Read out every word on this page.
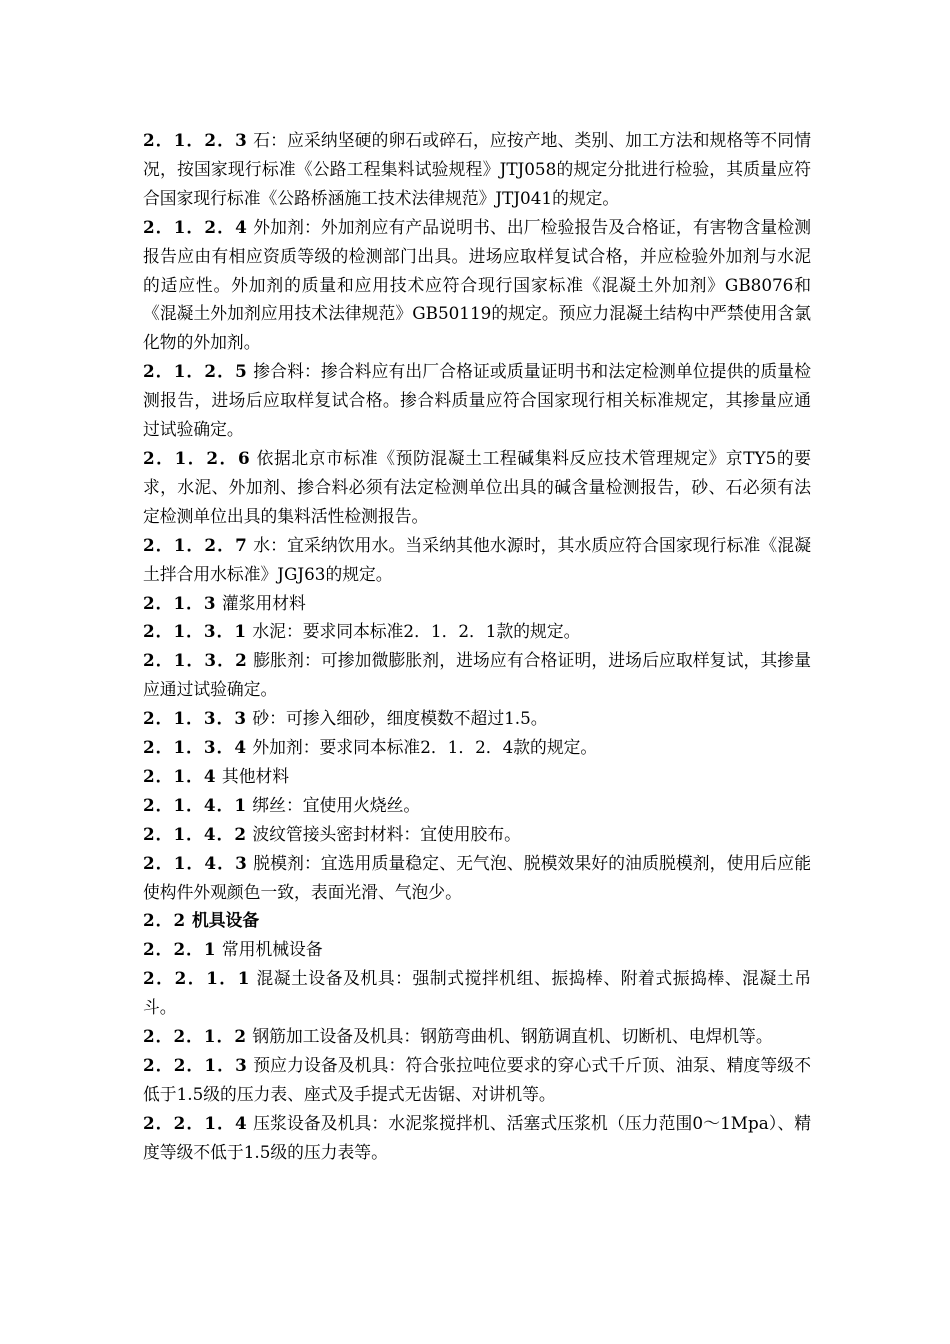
2．1．2．3 石：应采纳坚硬的卵石或碎石，应按产地、类别、加工方法和规格等不同情况，按国家现行标准《公路工程集料试验规程》JTJ058的规定分批进行检验，其质量应符合国家现行标准《公路桥涵施工技术法律规范》JTJ041的规定。

2．1．2．4 外加剂：外加剂应有产品说明书、出厂检验报告及合格证，有害物含量检测报告应由有相应资质等级的检测部门出具。进场应取样复试合格，并应检验外加剂与水泥的适应性。外加剂的质量和应用技术应符合现行国家标准《混凝土外加剂》GB8076和《混凝土外加剂应用技术法律规范》GB50119的规定。预应力混凝土结构中严禁使用含氯化物的外加剂。

2．1．2．5 掺合料：掺合料应有出厂合格证或质量证明书和法定检测单位提供的质量检测报告，进场后应取样复试合格。掺合料质量应符合国家现行相关标准规定，其掺量应通过试验确定。

2．1．2．6 依据北京市标准《预防混凝土工程碱集料反应技术管理规定》京TY5的要求，水泥、外加剂、掺合料必须有法定检测单位出具的碱含量检测报告，砂、石必须有法定检测单位出具的集料活性检测报告。

2．1．2．7 水：宜采纳饮用水。当采纳其他水源时，其水质应符合国家现行标准《混凝土拌合用水标准》JGJ63的规定。

2．1．3 灌浆用材料

2．1．3．1 水泥：要求同本标准2．1．2．1款的规定。

2．1．3．2 膨胀剂：可掺加微膨胀剂，进场应有合格证明，进场后应取样复试，其掺量应通过试验确定。

2．1．3．3 砂：可掺入细砂，细度模数不超过1.5。

2．1．3．4 外加剂：要求同本标准2．1．2．4款的规定。

2．1．4 其他材料

2．1．4．1 绑丝：宜使用火烧丝。

2．1．4．2 波纹管接头密封材料：宜使用胶布。

2．1．4．3 脱模剂：宜选用质量稳定、无气泡、脱模效果好的油质脱模剂，使用后应能使构件外观颜色一致，表面光滑、气泡少。

2．2 机具设备

2．2．1 常用机械设备

2．2．1．1 混凝土设备及机具：强制式搅拌机组、振捣棒、附着式振捣棒、混凝土吊斗。

2．2．1．2 钢筋加工设备及机具：钢筋弯曲机、钢筋调直机、切断机、电焊机等。

2．2．1．3 预应力设备及机具：符合张拉吨位要求的穿心式千斤顶、油泵、精度等级不低于1.5级的压力表、座式及手提式无齿锯、对讲机等。

2．2．1．4 压浆设备及机具：水泥浆搅拌机、活塞式压浆机（压力范围0～1Mpa）、精度等级不低于1.5级的压力表等。
